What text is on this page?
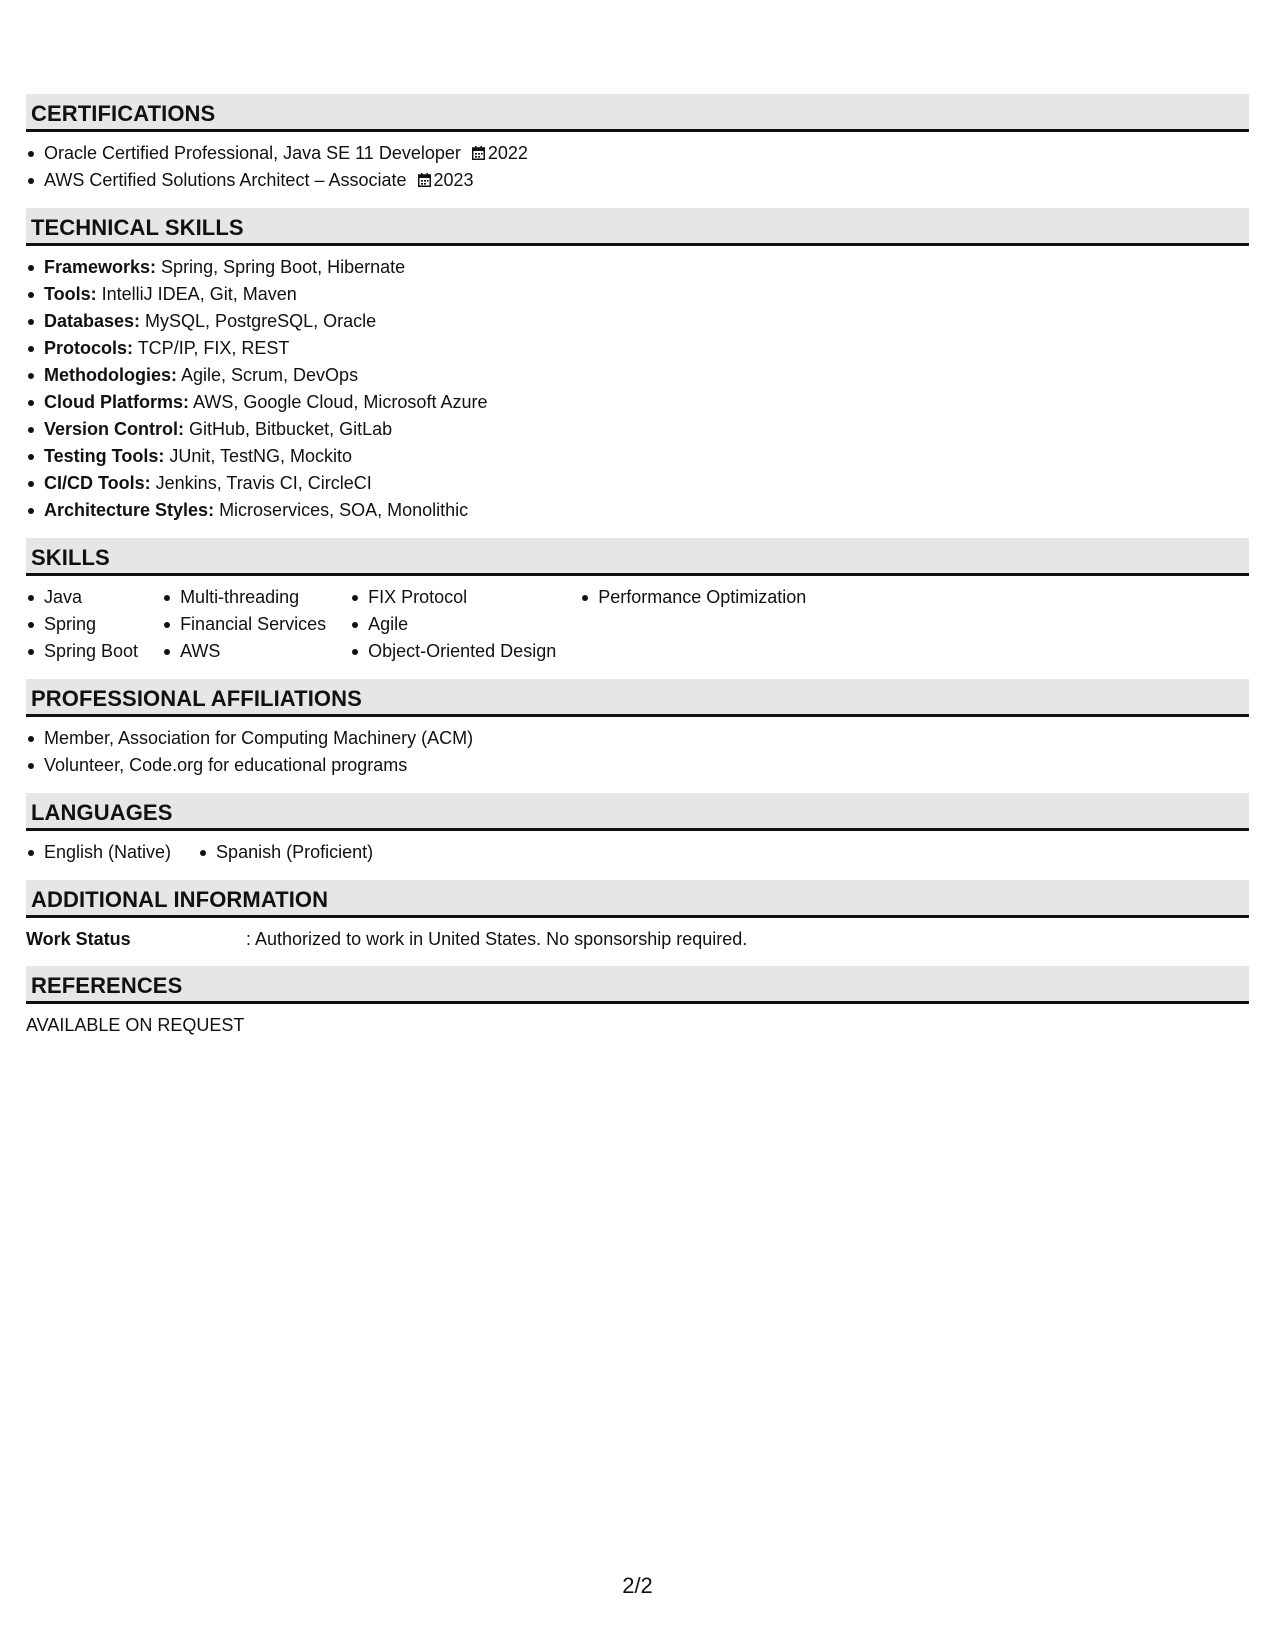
CERTIFICATIONS
Oracle Certified Professional, Java SE 11 Developer 2022
AWS Certified Solutions Architect – Associate 2023
TECHNICAL SKILLS
Frameworks: Spring, Spring Boot, Hibernate
Tools: IntelliJ IDEA, Git, Maven
Databases: MySQL, PostgreSQL, Oracle
Protocols: TCP/IP, FIX, REST
Methodologies: Agile, Scrum, DevOps
Cloud Platforms: AWS, Google Cloud, Microsoft Azure
Version Control: GitHub, Bitbucket, GitLab
Testing Tools: JUnit, TestNG, Mockito
CI/CD Tools: Jenkins, Travis CI, CircleCI
Architecture Styles: Microservices, SOA, Monolithic
SKILLS
Java
Spring
Spring Boot
Multi-threading
Financial Services
AWS
FIX Protocol
Agile
Object-Oriented Design
Performance Optimization
PROFESSIONAL AFFILIATIONS
Member, Association for Computing Machinery (ACM)
Volunteer, Code.org for educational programs
LANGUAGES
English (Native)	Spanish (Proficient)
ADDITIONAL INFORMATION
Work Status	: Authorized to work in United States. No sponsorship required.
REFERENCES
AVAILABLE ON REQUEST
2/2
